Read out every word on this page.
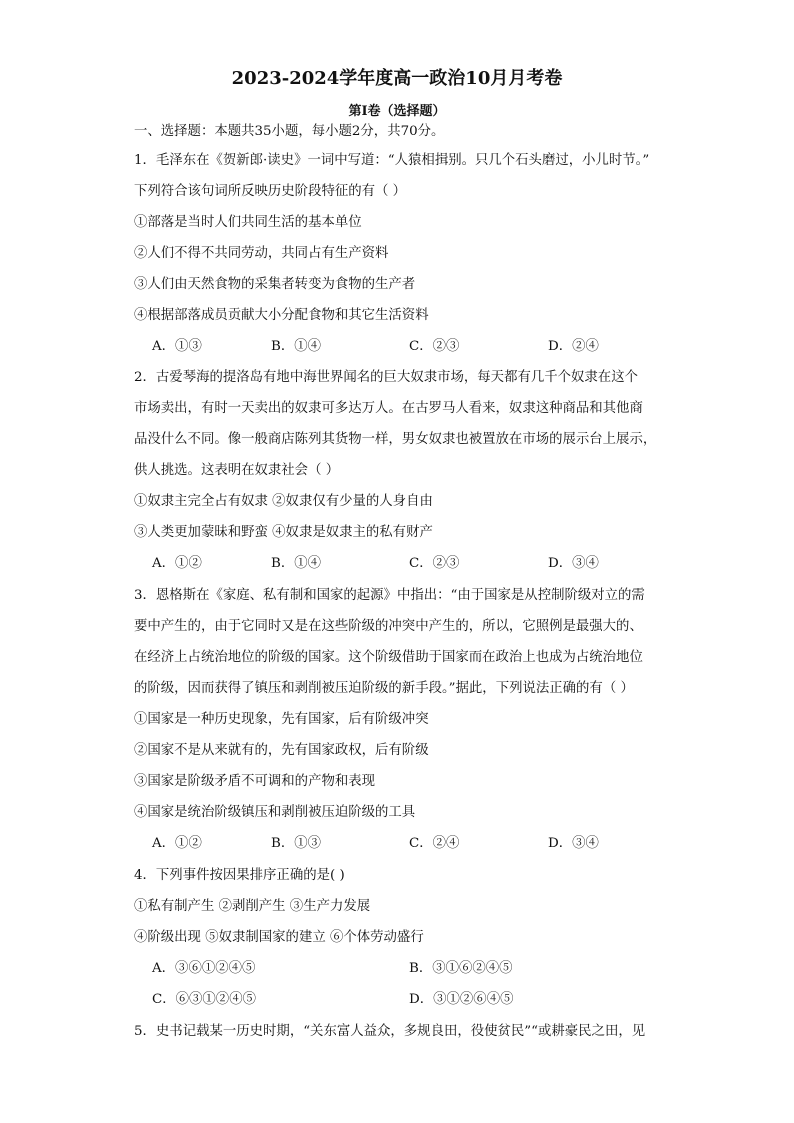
2023-2024学年度高一政治10月月考卷
第I卷（选择题）
一、选择题：本题共35小题，每小题2分，共70分。
1．毛泽东在《贺新郎·读史》一词中写道：“人猿相揖别。只几个石头磨过，小儿时节。”
下列符合该句词所反映历史阶段特征的有（ ）
①部落是当时人们共同生活的基本单位
②人们不得不共同劳动，共同占有生产资料
③人们由天然食物的采集者转变为食物的生产者
④根据部落成员贡献大小分配食物和其它生活资料
A．①③	B．①④	C．②③	D．②④
2．古爱琴海的提洛岛有地中海世界闻名的巨大奴隶市场，每天都有几千个奴隶在这个
市场卖出，有时一天卖出的奴隶可多达万人。在古罗马人看来，奴隶这种商品和其他商
品没什么不同。像一般商店陈列其货物一样，男女奴隶也被置放在市场的展示台上展示，
供人挑选。这表明在奴隶社会（ ）
①奴隶主完全占有奴隶 ②奴隶仅有少量的人身自由
③人类更加蒙昧和野蛮 ④奴隶是奴隶主的私有财产
A．①②	B．①④	C．②③	D．③④
3．恩格斯在《家庭、私有制和国家的起源》中指出：“由于国家是从控制阶级对立的需
要中产生的，由于它同时又是在这些阶级的冲突中产生的，所以，它照例是最强大的、
在经济上占统治地位的阶级的国家。这个阶级借助于国家而在政治上也成为占统治地位
的阶级，因而获得了镇压和剥削被压迫阶级的新手段。”据此，下列说法正确的有（ ）
①国家是一种历史现象，先有国家，后有阶级冲突
②国家不是从来就有的，先有国家政权，后有阶级
③国家是阶级矛盾不可调和的产物和表现
④国家是统治阶级镇压和剥削被压迫阶级的工具
A．①②	B．①③	C．②④	D．③④
4．下列事件按因果排序正确的是( )
①私有制产生 ②剥削产生 ③生产力发展
④阶级出现 ⑤奴隶制国家的建立 ⑥个体劳动盛行
A．③⑥①②④⑤	B．③①⑥②④⑤
C．⑥③①②④⑤	D．③①②⑥④⑤
5．史书记载某一历史时期，“关东富人益众，多规良田，役使贫民”“或耕豪民之田，见
